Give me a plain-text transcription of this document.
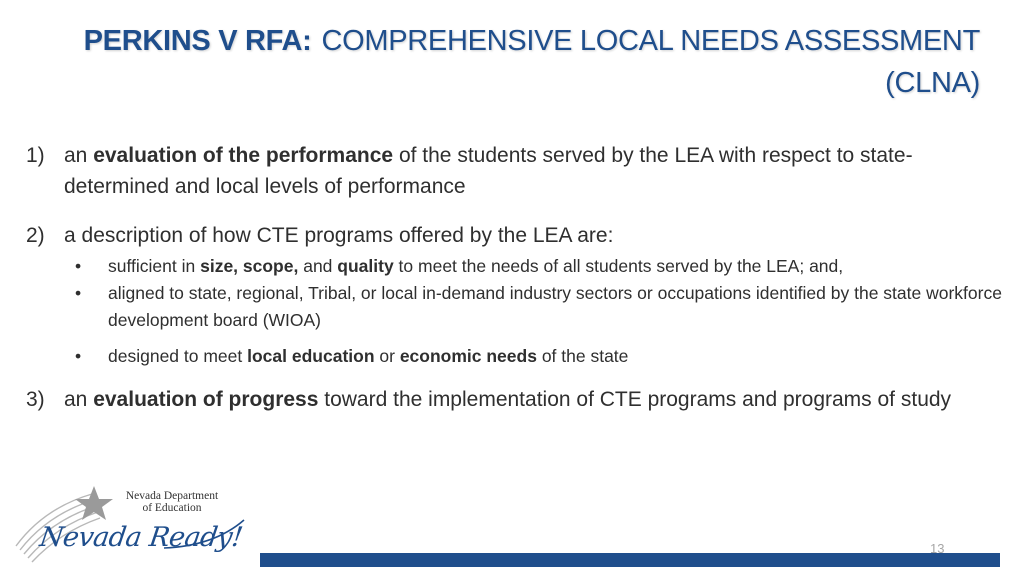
PERKINS V RFA: COMPREHENSIVE LOCAL NEEDS ASSESSMENT
(CLNA)
1) an evaluation of the performance of the students served by the LEA with respect to state-determined and local levels of performance
2) a description of how CTE programs offered by the LEA are:
• sufficient in size, scope, and quality to meet the needs of all students served by the LEA; and,
• aligned to state, regional, Tribal, or local in-demand industry sectors or occupations identified by the state workforce development board (WIOA)
• designed to meet local education or economic needs of the state
3) an evaluation of progress toward the implementation of CTE programs and programs of study
Nevada Department
of Education
Nevada Ready!	13
